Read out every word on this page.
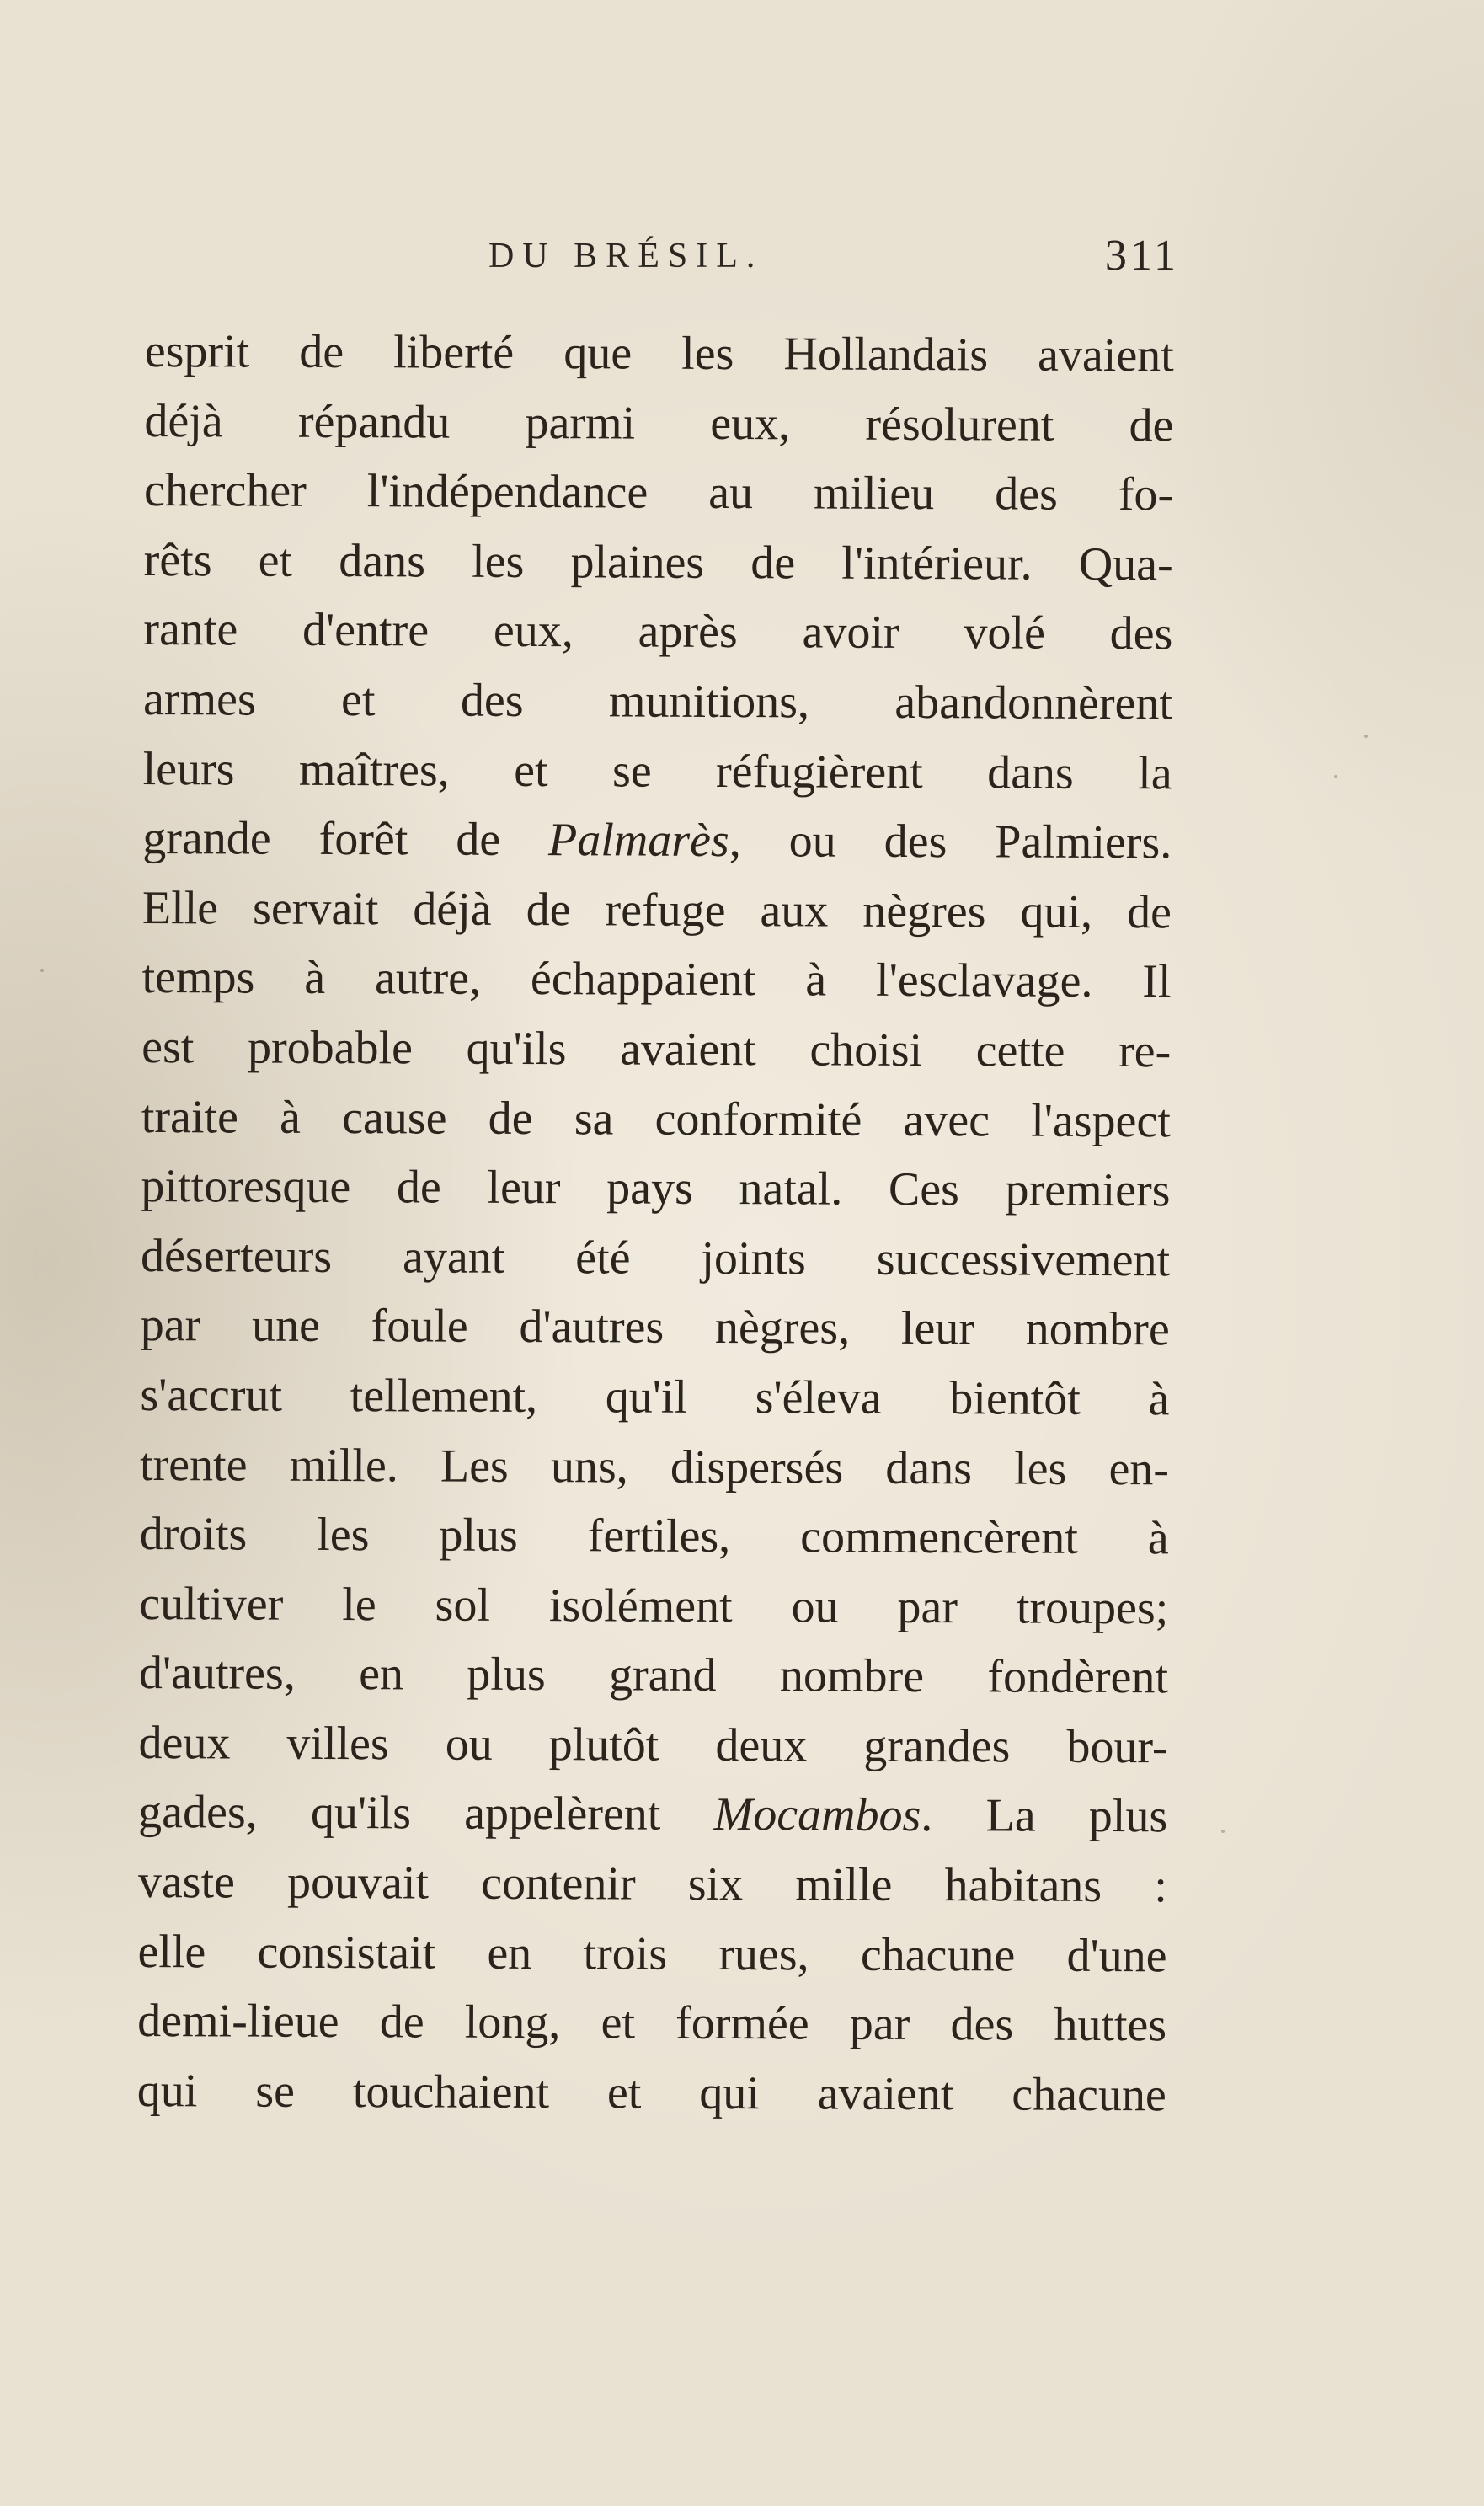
DU BRÉSIL.	311
esprit de liberté que les Hollandais avaient
déjà répandu parmi eux, résolurent de
chercher l'indépendance au milieu des fo-
rêts et dans les plaines de l'intérieur. Qua-
rante d'entre eux, après avoir volé des
armes et des munitions, abandonnèrent
leurs maîtres, et se réfugièrent dans la
grande forêt de Palmarès, ou des Palmiers.
Elle servait déjà de refuge aux nègres qui, de
temps à autre, échappaient à l'esclavage. Il
est probable qu'ils avaient choisi cette re-
traite à cause de sa conformité avec l'aspect
pittoresque de leur pays natal. Ces premiers
déserteurs ayant été joints successivement
par une foule d'autres nègres, leur nombre
s'accrut tellement, qu'il s'éleva bientôt à
trente mille. Les uns, dispersés dans les en-
droits les plus fertiles, commencèrent à
cultiver le sol isolément ou par troupes;
d'autres, en plus grand nombre fondèrent
deux villes ou plutôt deux grandes bour-
gades, qu'ils appelèrent Mocambos. La plus
vaste pouvait contenir six mille habitans :
elle consistait en trois rues, chacune d'une
demi-lieue de long, et formée par des huttes
qui se touchaient et qui avaient chacune
